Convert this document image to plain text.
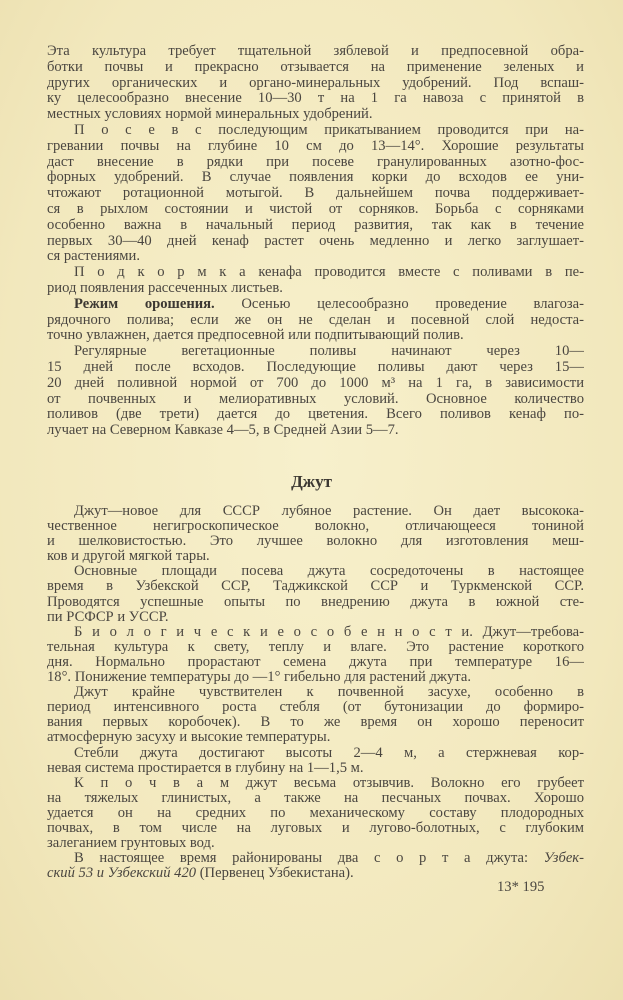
Эта культура требует тщательной зяблевой и предпосевной обра-
ботки почвы и прекрасно отзывается на применение зеленых и
других органических и органо-минеральных удобрений. Под вспаш-
ку целесообразно внесение 10—30 т на 1 га навоза с принятой в
местных условиях нормой минеральных удобрений.
П о с е в с последующим прикатыванием проводится при на-
гревании почвы на глубине 10 см до 13—14°. Хорошие результаты
даст внесение в рядки при посеве гранулированных азотно-фос-
форных удобрений. В случае появления корки до всходов ее уни-
чтожают ротационной мотыгой. В дальнейшем почва поддерживает-
ся в рыхлом состоянии и чистой от сорняков. Борьба с сорняками
особенно важна в начальный период развития, так как в течение
первых 30—40 дней кенаф растет очень медленно и легко заглушает-
ся растениями.
П о д к о р м к а кенафа проводится вместе с поливами в пе-
риод появления рассеченных листьев.
Режим орошения. Осенью целесообразно проведение влагоза-
рядочного полива; если же он не сделан и посевной слой недоста-
точно увлажнен, дается предпосевной или подпитывающий полив.
Регулярные вегетационные поливы начинают через 10—
15 дней после всходов. Последующие поливы дают через 15—
20 дней поливной нормой от 700 до 1000 м³ на 1 га, в зависимости
от почвенных и мелиоративных условий. Основное количество
поливов (две трети) дается до цветения. Всего поливов кенаф по-
лучает на Северном Кавказе 4—5, в Средней Азии 5—7.
Джут
Джут—новое для СССР лубяное растение. Он дает высокока-
чественное негигроскопическое волокно, отличающееся тониной
и шелковистостью. Это лучшее волокно для изготовления меш-
ков и другой мягкой тары.
Основные площади посева джута сосредоточены в настоящее
время в Узбекской ССР, Таджикской ССР и Туркменской ССР.
Проводятся успешные опыты по внедрению джута в южной сте-
пи РСФСР и УССР.
Б и о л о г и ч е с к и е о с о б е н н о с т и. Джут—требова-
тельная культура к свету, теплу и влаге. Это растение короткого
дня. Нормально прорастают семена джута при температуре 16—
18°. Понижение температуры до —1° гибельно для растений джута.
Джут крайне чувствителен к почвенной засухе, особенно в
период интенсивного роста стебля (от бутонизации до формиро-
вания первых коробочек). В то же время он хорошо переносит
атмосферную засуху и высокие температуры.
Стебли джута достигают высоты 2—4 м, а стержневая кор-
невая система простирается в глубину на 1—1,5 м.
К п о ч в а м джут весьма отзывчив. Волокно его грубеет
на тяжелых глинистых, а также на песчаных почвах. Хорошо
удается он на средних по механическому составу плодородных
почвах, в том числе на луговых и лугово-болотных, с глубоким
залеганием грунтовых вод.
В настоящее время районированы два с о р т а джута: Узбек-
ский 53 и Узбекский 420 (Первенец Узбекистана).
13* 195
